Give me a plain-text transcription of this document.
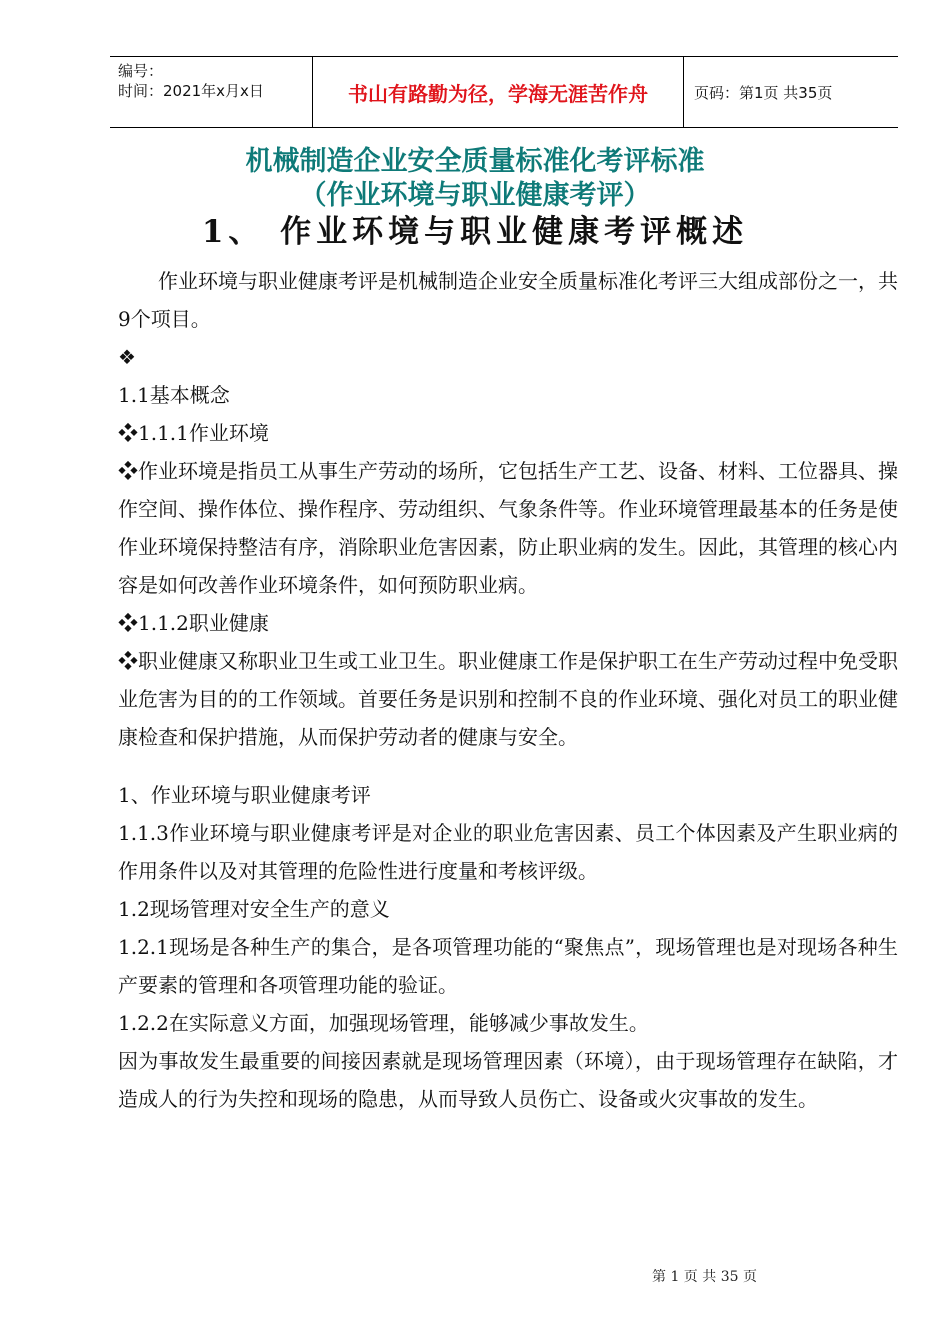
编号：
时间：2021年x月x日	书山有路勤为径，学海无涯苦作舟	页码：第1页 共35页
机械制造企业安全质量标准化考评标准
（作业环境与职业健康考评）
1、 作业环境与职业健康考评概述

作业环境与职业健康考评是机械制造企业安全质量标准化考评三大组成部份之一，共9个项目。

❖

1.1基本概念

❖1.1.1作业环境

❖作业环境是指员工从事生产劳动的场所，它包括生产工艺、设备、材料、工位器具、操作空间、操作体位、操作程序、劳动组织、气象条件等。作业环境管理最基本的任务是使作业环境保持整洁有序，消除职业危害因素，防止职业病的发生。因此，其管理的核心内容是如何改善作业环境条件，如何预防职业病。

❖1.1.2职业健康

❖职业健康又称职业卫生或工业卫生。职业健康工作是保护职工在生产劳动过程中免受职业危害为目的的工作领域。首要任务是识别和控制不良的作业环境、强化对员工的职业健康检查和保护措施，从而保护劳动者的健康与安全。

1、作业环境与职业健康考评

1.1.3作业环境与职业健康考评是对企业的职业危害因素、员工个体因素及产生职业病的作用条件以及对其管理的危险性进行度量和考核评级。

1.2现场管理对安全生产的意义

1.2.1现场是各种生产的集合，是各项管理功能的“聚焦点”，现场管理也是对现场各种生产要素的管理和各项管理功能的验证。

1.2.2在实际意义方面，加强现场管理，能够减少事故发生。

因为事故发生最重要的间接因素就是现场管理因素（环境），由于现场管理存在缺陷，才造成人的行为失控和现场的隐患，从而导致人员伤亡、设备或火灾事故的发生。

第 1 页 共 35 页
